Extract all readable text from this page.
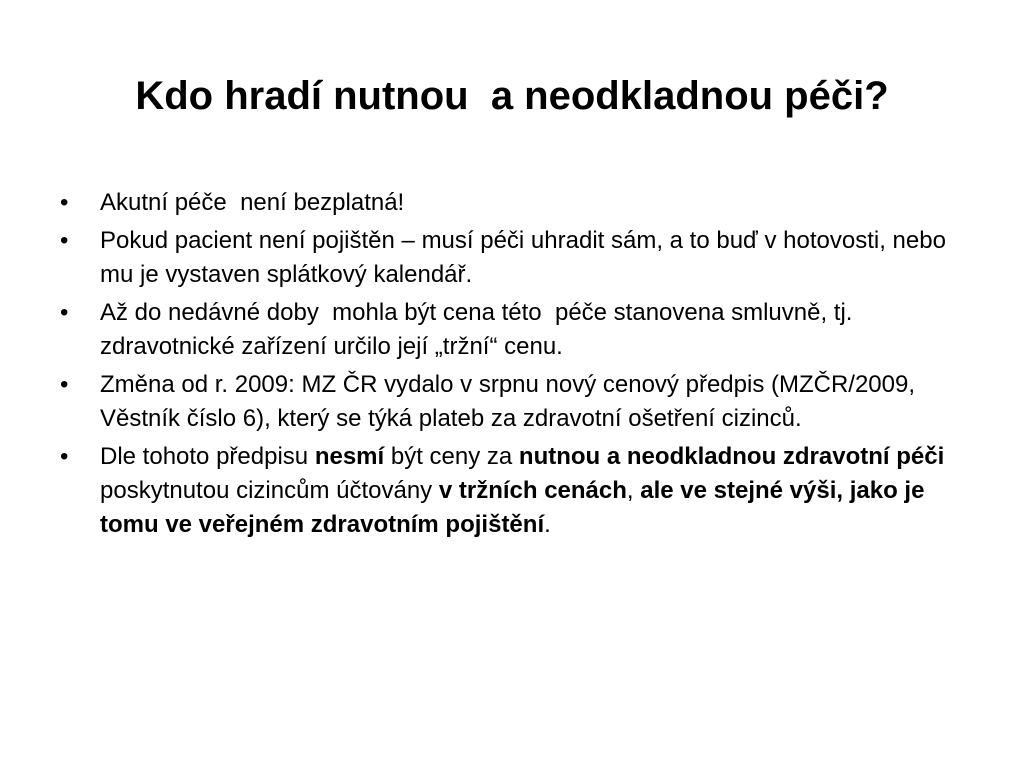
Kdo hradí nutnou  a neodkladnou péči?
•	Akutní péče  není bezplatná!
•	Pokud pacient není pojištěn – musí péči uhradit sám, a to buď v hotovosti, nebo mu je vystaven splátkový kalendář.
•	Až do nedávné doby  mohla být cena této  péče stanovena smluvně, tj. zdravotnické zařízení určilo její „tržní“ cenu.
•	Změna od r. 2009: MZ ČR vydalo v srpnu nový cenový předpis (MZČR/2009, Věstník číslo 6), který se týká plateb za zdravotní ošetření cizinců.
•	Dle tohoto předpisu nesmí být ceny za nutnou a neodkladnou zdravotní péči poskytnutou cizincům účtovány v tržních cenách, ale ve stejné výši, jako je tomu ve veřejném zdravotním pojištění.
